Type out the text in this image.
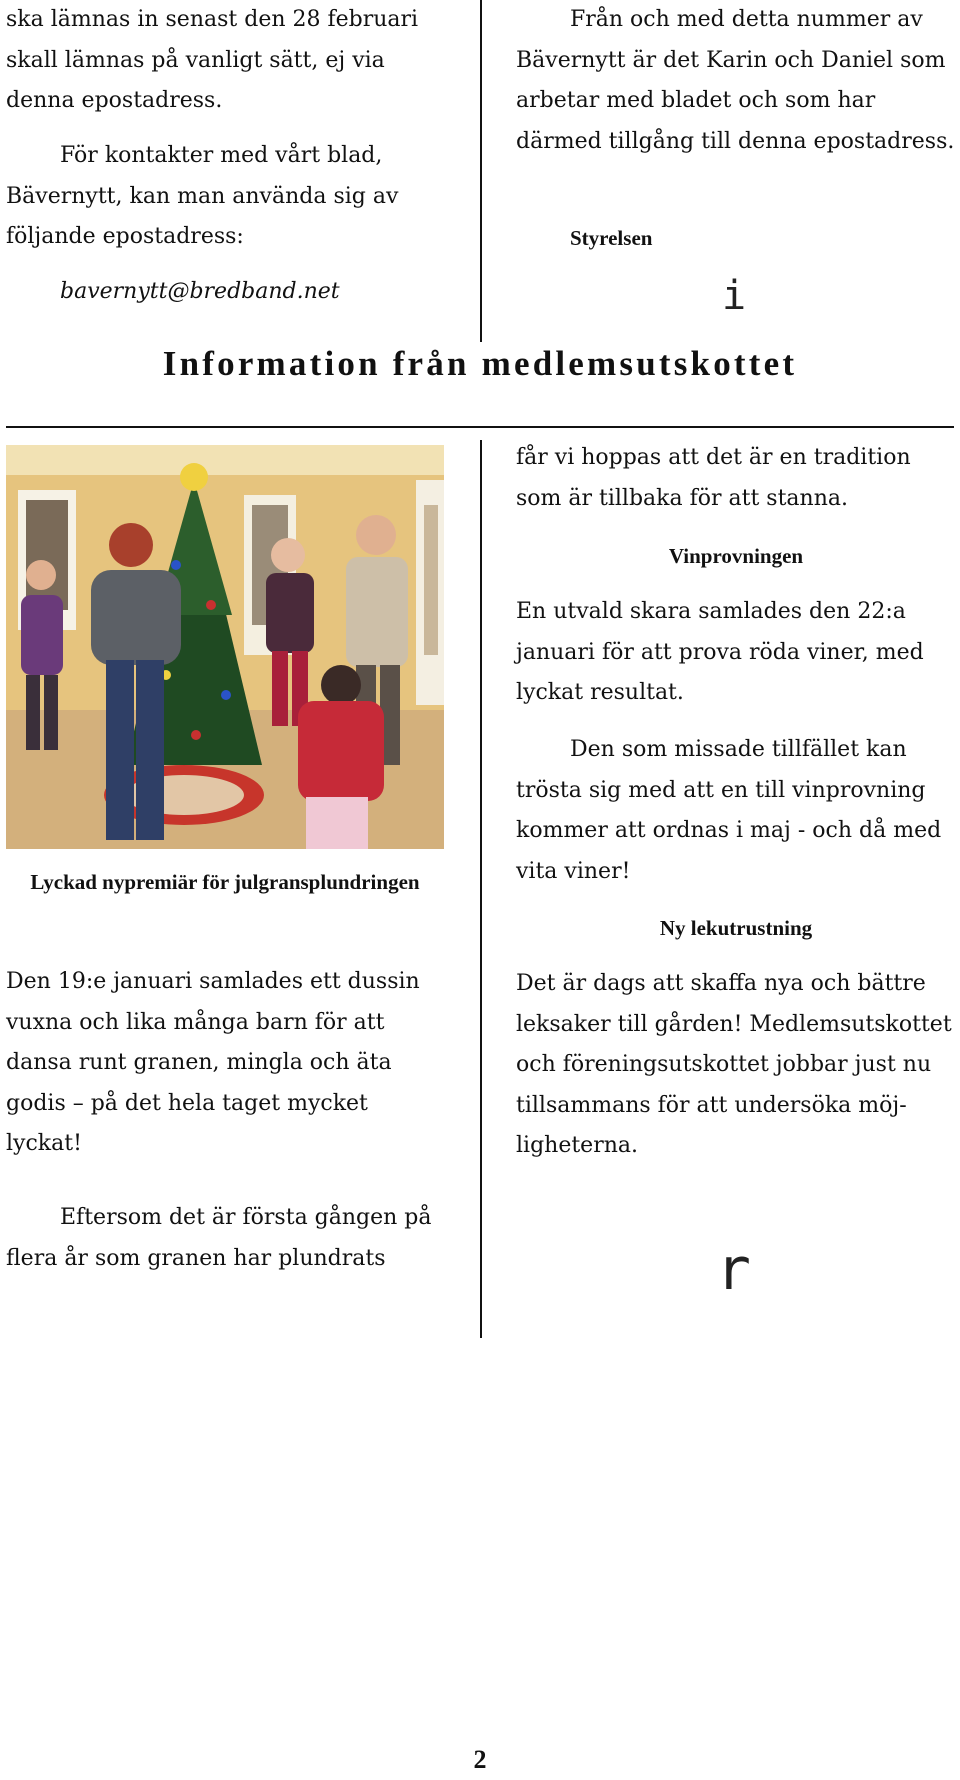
ska lämnas in senast den 28 februari skall lämnas på vanligt sätt, ej via denna epostadress.

För kontakter med vårt blad, Bävernytt, kan man använda sig av följande epostadress:

bavernytt@bredband.net

Från och med detta nummer av Bävernytt är det Karin och Daniel som arbetar med bladet och som har därmed tillgång till denna epostadress.

Styrelsen

i
Information från medlemsutskottet

Lyckad nypremiär för julgransplundringen

Den 19:e januari samlades ett dussin vuxna och lika många barn för att dansa runt granen, mingla och äta godis – på det hela taget mycket lyckat!

Eftersom det är första gången på flera år som granen har plundrats

får vi hoppas att det är en tradition som är tillbaka för att stanna.

Vinprovningen

En utvald skara samlades den 22:a januari för att prova röda viner, med lyckat resultat.

Den som missade tillfället kan trösta sig med att en till vinprovning kommer att ordnas i maj - och då med vita viner!

Ny lekutrustning

Det är dags att skaffa nya och bättre leksaker till gården! Medlemsutskottet och föreningsutskottet jobbar just nu tillsammans för att undersöka möj-ligheterna.

r
2
